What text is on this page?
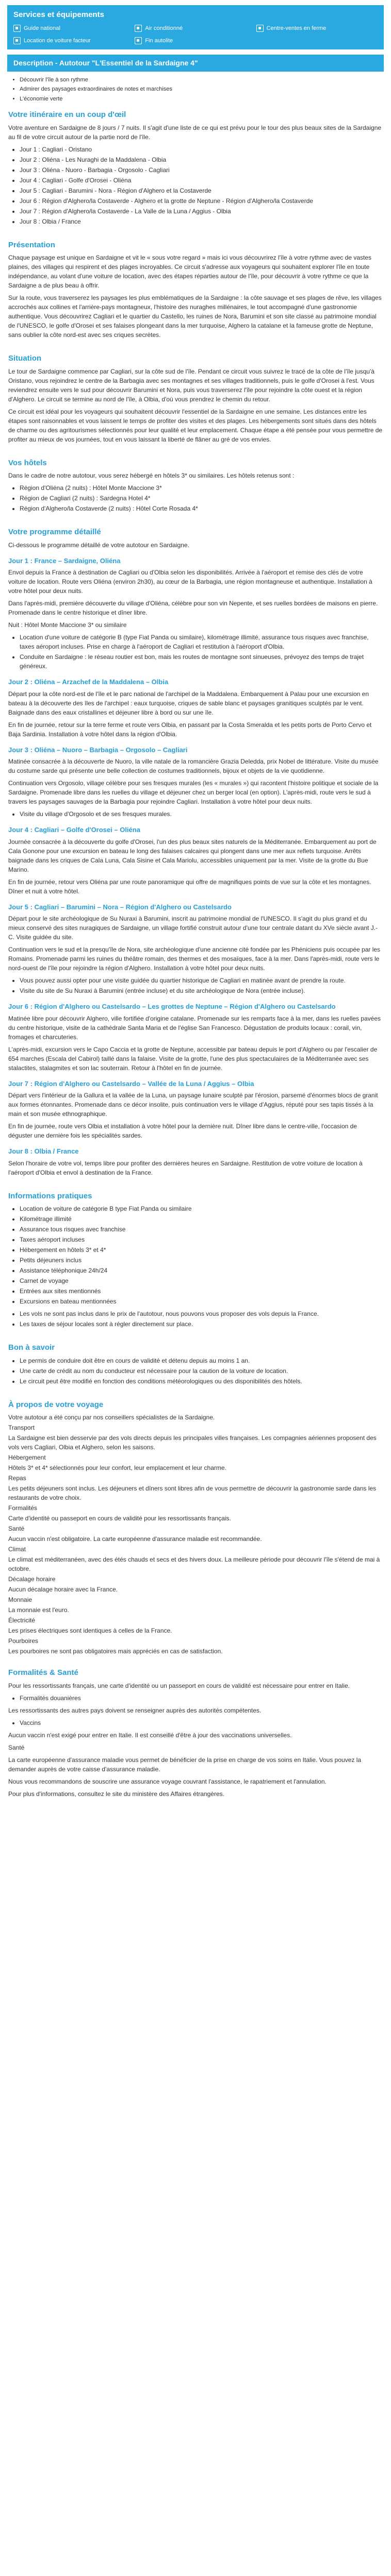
Services et équipements
Guide national	Air conditionné	Centre-ventes en ferme
Location de voiture facteur	Fin autolite
Description - Autotour "L'Essentiel de la Sardaigne 4"
• Découvrir l'île à son rythme
• Admirer des paysages extraordinaires de notes et marchises
• L'économie verte
Votre itinéraire en un coup d'œil

Votre aventure en Sardaigne de 8 jours / 7 nuits. Il s'agit d'une liste de ce qui est prévu pour le tour des plus beaux sites de la Sardaigne au fil de votre circuit autour de la partie nord de l'île.

• Jour 1 : Cagliari - Oristano
• Jour 2 : Oliéna - Les Nuraghi de la Maddalena - Olbia
• Jour 3 : Oliéna - Nuoro - Barbagia - Orgosolo - Cagliari
• Jour 4 : Cagliari - Golfe d'Orosei - Oliéna
• Jour 5 : Cagliari - Barumini - Nora - Région d'Alghero et la Costaverde
• Jour 6 : Région d'Alghero/la Costaverde - Alghero et la grotte de Neptune - Région d'Alghero/la Costaverde
• Jour 7 : Région d'Alghero/la Costaverde - La Valle de la Luna / Aggius - Olbia
• Jour 8 : Olbia / France
Présentation

Chaque paysage est unique en Sardaigne et vit le « sous votre regard » mais ici vous découvrirez l'île à votre rythme avec de vastes plaines, des villages qui respirent et des plages incroyables. Ce circuit s'adresse aux voyageurs qui souhaitent explorer l'île en toute indépendance, au volant d'une voiture de location, avec des étapes réparties autour de l'île, pour découvrir à votre rythme ce que la Sardaigne a de plus beau à offrir.

Sur la route, vous traverserez les paysages les plus emblématiques de la Sardaigne : la côte sauvage et ses plages de rêve, les villages accrochés aux collines et l'arrière-pays montagneux, l'histoire des nuraghes millénaires, le tout accompagné d'une gastronomie authentique. Vous découvrirez Cagliari et le quartier du Castello, les ruines de Nora, Barumini et son site classé au patrimoine mondial de l'UNESCO, le golfe d'Orosei et ses falaises plongeant dans la mer turquoise, Alghero la catalane et la fameuse grotte de Neptune, sans oublier la côte nord-est avec ses criques secrètes.

Situation

Le tour de Sardaigne commence par Cagliari, sur la côte sud de l'île. Pendant ce circuit vous suivrez le tracé de la côte de l'île jusqu'à Oristano, vous rejoindrez le centre de la Barbagia avec ses montagnes et ses villages traditionnels, puis le golfe d'Orosei à l'est. Vous reviendrez ensuite vers le sud pour découvrir Barumini et Nora, puis vous traverserez l'île pour rejoindre la côte ouest et la région d'Alghero. Le circuit se termine au nord de l'île, à Olbia, d'où vous prendrez le chemin du retour.

Ce circuit est idéal pour les voyageurs qui souhaitent découvrir l'essentiel de la Sardaigne en une semaine. Les distances entre les étapes sont raisonnables et vous laissent le temps de profiter des visites et des plages. Les hébergements sont situés dans des hôtels de charme ou des agritourismes sélectionnés pour leur qualité et leur emplacement. Chaque étape a été pensée pour vous permettre de profiter au mieux de vos journées, tout en vous laissant la liberté de flâner au gré de vos envies.

Vos hôtels

Dans le cadre de notre autotour, vous serez hébergé en hôtels 3* ou similaires. Les hôtels retenus sont :

• Région d'Oliéna (2 nuits) : Hôtel Monte Maccione 3*
• Région de Cagliari (2 nuits) : Sardegna Hotel 4*
• Région d'Alghero/la Costaverde (2 nuits) : Hôtel Corte Rosada 4*
Votre programme détaillé

Ci-dessous le programme détaillé de votre autotour en Sardaigne.

Jour 1 : France – Sardaigne, Oliéna

Envol depuis la France à destination de Cagliari ou d'Olbia selon les disponibilités. Arrivée à l'aéroport et remise des clés de votre voiture de location. Route vers Oliéna (environ 2h30), au cœur de la Barbagia, une région montagneuse et authentique. Installation à votre hôtel pour deux nuits.

Dans l'après-midi, première découverte du village d'Oliéna, célèbre pour son vin Nepente, et ses ruelles bordées de maisons en pierre. Promenade dans le centre historique et dîner libre.

Nuit : Hôtel Monte Maccione 3* ou similaire

• Location d'une voiture de catégorie B (type Fiat Panda ou similaire), kilométrage illimité, assurance tous risques avec franchise, taxes aéroport incluses. Prise en charge à l'aéroport de Cagliari et restitution à l'aéroport d'Olbia.
• Conduite en Sardaigne : le réseau routier est bon, mais les routes de montagne sont sinueuses, prévoyez des temps de trajet généreux.
Jour 2 : Oliéna – Arzachef de la Maddalena – Olbia

Départ pour la côte nord-est de l'île et le parc national de l'archipel de la Maddalena. Embarquement à Palau pour une excursion en bateau à la découverte des îles de l'archipel : eaux turquoise, criques de sable blanc et paysages granitiques sculptés par le vent. Baignade dans des eaux cristallines et déjeuner libre à bord ou sur une île.

En fin de journée, retour sur la terre ferme et route vers Olbia, en passant par la Costa Smeralda et les petits ports de Porto Cervo et Baja Sardinia. Installation à votre hôtel dans la région d'Olbia.

Jour 3 : Oliéna – Nuoro – Barbagia – Orgosolo – Cagliari

Matinée consacrée à la découverte de Nuoro, la ville natale de la romancière Grazia Deledda, prix Nobel de littérature. Visite du musée du costume sarde qui présente une belle collection de costumes traditionnels, bijoux et objets de la vie quotidienne.

Continuation vers Orgosolo, village célèbre pour ses fresques murales (les « murales ») qui racontent l'histoire politique et sociale de la Sardaigne. Promenade libre dans les ruelles du village et déjeuner chez un berger local (en option). L'après-midi, route vers le sud à travers les paysages sauvages de la Barbagia pour rejoindre Cagliari. Installation à votre hôtel pour deux nuits.

• Visite du village d'Orgosolo et de ses fresques murales.
Jour 4 : Cagliari – Golfe d'Orosei – Oliéna

Journée consacrée à la découverte du golfe d'Orosei, l'un des plus beaux sites naturels de la Méditerranée. Embarquement au port de Cala Gonone pour une excursion en bateau le long des falaises calcaires qui plongent dans une mer aux reflets turquoise. Arrêts baignade dans les criques de Cala Luna, Cala Sisine et Cala Mariolu, accessibles uniquement par la mer. Visite de la grotte du Bue Marino.

En fin de journée, retour vers Oliéna par une route panoramique qui offre de magnifiques points de vue sur la côte et les montagnes. Dîner et nuit à votre hôtel.

Jour 5 : Cagliari – Barumini – Nora – Région d'Alghero ou Castelsardo

Départ pour le site archéologique de Su Nuraxi à Barumini, inscrit au patrimoine mondial de l'UNESCO. Il s'agit du plus grand et du mieux conservé des sites nuragiques de Sardaigne, un village fortifié construit autour d'une tour centrale datant du XVe siècle avant J.-C. Visite guidée du site.

Continuation vers le sud et la presqu'île de Nora, site archéologique d'une ancienne cité fondée par les Phéniciens puis occupée par les Romains. Promenade parmi les ruines du théâtre romain, des thermes et des mosaïques, face à la mer. Dans l'après-midi, route vers le nord-ouest de l'île pour rejoindre la région d'Alghero. Installation à votre hôtel pour deux nuits.

• Vous pouvez aussi opter pour une visite guidée du quartier historique de Cagliari en matinée avant de prendre la route.
• Visite du site de Su Nuraxi à Barumini (entrée incluse) et du site archéologique de Nora (entrée incluse).
Jour 6 : Région d'Alghero ou Castelsardo – Les grottes de Neptune – Région d'Alghero ou Castelsardo

Matinée libre pour découvrir Alghero, ville fortifiée d'origine catalane. Promenade sur les remparts face à la mer, dans les ruelles pavées du centre historique, visite de la cathédrale Santa Maria et de l'église San Francesco. Dégustation de produits locaux : corail, vin, fromages et charcuteries.

L'après-midi, excursion vers le Capo Caccia et la grotte de Neptune, accessible par bateau depuis le port d'Alghero ou par l'escalier de 654 marches (Escala del Cabirol) taillé dans la falaise. Visite de la grotte, l'une des plus spectaculaires de la Méditerranée avec ses stalactites, stalagmites et son lac souterrain. Retour à l'hôtel en fin de journée.

Jour 7 : Région d'Alghero ou Castelsardo – Vallée de la Luna / Aggius – Olbia

Départ vers l'intérieur de la Gallura et la vallée de la Luna, un paysage lunaire sculpté par l'érosion, parsemé d'énormes blocs de granit aux formes étonnantes. Promenade dans ce décor insolite, puis continuation vers le village d'Aggius, réputé pour ses tapis tissés à la main et son musée ethnographique.

En fin de journée, route vers Olbia et installation à votre hôtel pour la dernière nuit. Dîner libre dans le centre-ville, l'occasion de déguster une dernière fois les spécialités sardes.

Jour 8 : Olbia / France

Selon l'horaire de votre vol, temps libre pour profiter des dernières heures en Sardaigne. Restitution de votre voiture de location à l'aéroport d'Olbia et envol à destination de la France.

Informations pratiques
• Location de voiture de catégorie B type Fiat Panda ou similaire
• Kilométrage illimité
• Assurance tous risques avec franchise
• Taxes aéroport incluses
• Hébergement en hôtels 3* et 4*
• Petits déjeuners inclus
• Assistance téléphonique 24h/24
• Carnet de voyage
• Entrées aux sites mentionnés
• Excursions en bateau mentionnées
• Les vols ne sont pas inclus dans le prix de l'autotour, nous pouvons vous proposer des vols depuis la France.
• Les taxes de séjour locales sont à régler directement sur place.
Bon à savoir
• Le permis de conduire doit être en cours de validité et détenu depuis au moins 1 an.
• Une carte de crédit au nom du conducteur est nécessaire pour la caution de la voiture de location.
• Le circuit peut être modifié en fonction des conditions météorologiques ou des disponibilités des hôtels.
À propos de votre voyage

Votre autotour a été conçu par nos conseillers spécialistes de la Sardaigne.

Transport

La Sardaigne est bien desservie par des vols directs depuis les principales villes françaises. Les compagnies aériennes proposent des vols vers Cagliari, Olbia et Alghero, selon les saisons.

Hébergement

Hôtels 3* et 4* sélectionnés pour leur confort, leur emplacement et leur charme.

Repas

Les petits déjeuners sont inclus. Les déjeuners et dîners sont libres afin de vous permettre de découvrir la gastronomie sarde dans les restaurants de votre choix.

Formalités

Carte d'identité ou passeport en cours de validité pour les ressortissants français.

Santé

Aucun vaccin n'est obligatoire. La carte européenne d'assurance maladie est recommandée.

Climat

Le climat est méditerranéen, avec des étés chauds et secs et des hivers doux. La meilleure période pour découvrir l'île s'étend de mai à octobre.

Décalage horaire

Aucun décalage horaire avec la France.

Monnaie

La monnaie est l'euro.

Électricité

Les prises électriques sont identiques à celles de la France.

Pourboires

Les pourboires ne sont pas obligatoires mais appréciés en cas de satisfaction.

Formalités & Santé

Pour les ressortissants français, une carte d'identité ou un passeport en cours de validité est nécessaire pour entrer en Italie.

• Formalités douanières

Les ressortissants des autres pays doivent se renseigner auprès des autorités compétentes.

• Vaccins

Aucun vaccin n'est exigé pour entrer en Italie. Il est conseillé d'être à jour des vaccinations universelles.

Santé

La carte européenne d'assurance maladie vous permet de bénéficier de la prise en charge de vos soins en Italie. Vous pouvez la demander auprès de votre caisse d'assurance maladie.

Nous vous recommandons de souscrire une assurance voyage couvrant l'assistance, le rapatriement et l'annulation.

Pour plus d'informations, consultez le site du ministère des Affaires étrangères.
